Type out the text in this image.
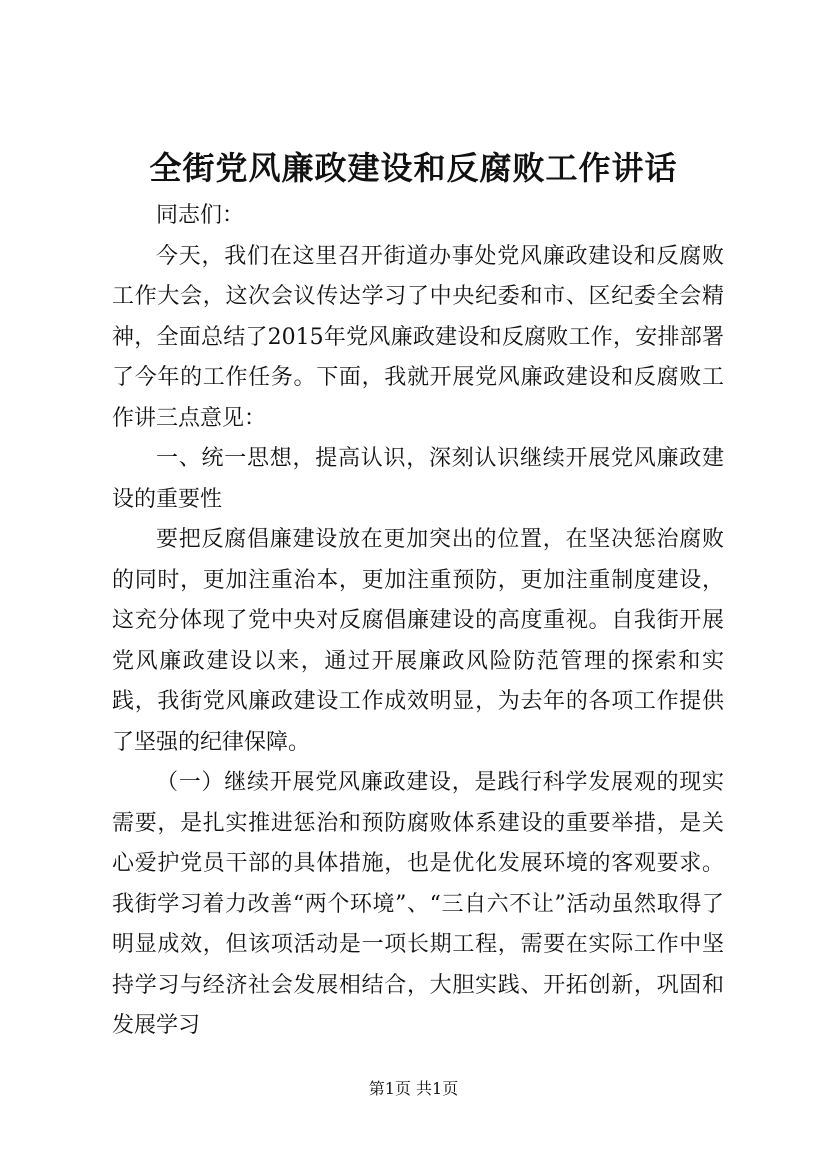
全街党风廉政建设和反腐败工作讲话

同志们：

今天，我们在这里召开街道办事处党风廉政建设和反腐败工作大会，这次会议传达学习了中央纪委和市、区纪委全会精神，全面总结了2015年党风廉政建设和反腐败工作，安排部署了今年的工作任务。下面，我就开展党风廉政建设和反腐败工作讲三点意见：

一、统一思想，提高认识，深刻认识继续开展党风廉政建设的重要性

要把反腐倡廉建设放在更加突出的位置，在坚决惩治腐败的同时，更加注重治本，更加注重预防，更加注重制度建设，这充分体现了党中央对反腐倡廉建设的高度重视。自我街开展党风廉政建设以来，通过开展廉政风险防范管理的探索和实践，我街党风廉政建设工作成效明显，为去年的各项工作提供了坚强的纪律保障。

（一）继续开展党风廉政建设，是践行科学发展观的现实需要，是扎实推进惩治和预防腐败体系建设的重要举措，是关心爱护党员干部的具体措施，也是优化发展环境的客观要求。我街学习着力改善“两个环境”、“三自六不让”活动虽然取得了明显成效，但该项活动是一项长期工程，需要在实际工作中坚持学习与经济社会发展相结合，大胆实践、开拓创新，巩固和发展学习

第1页 共1页
